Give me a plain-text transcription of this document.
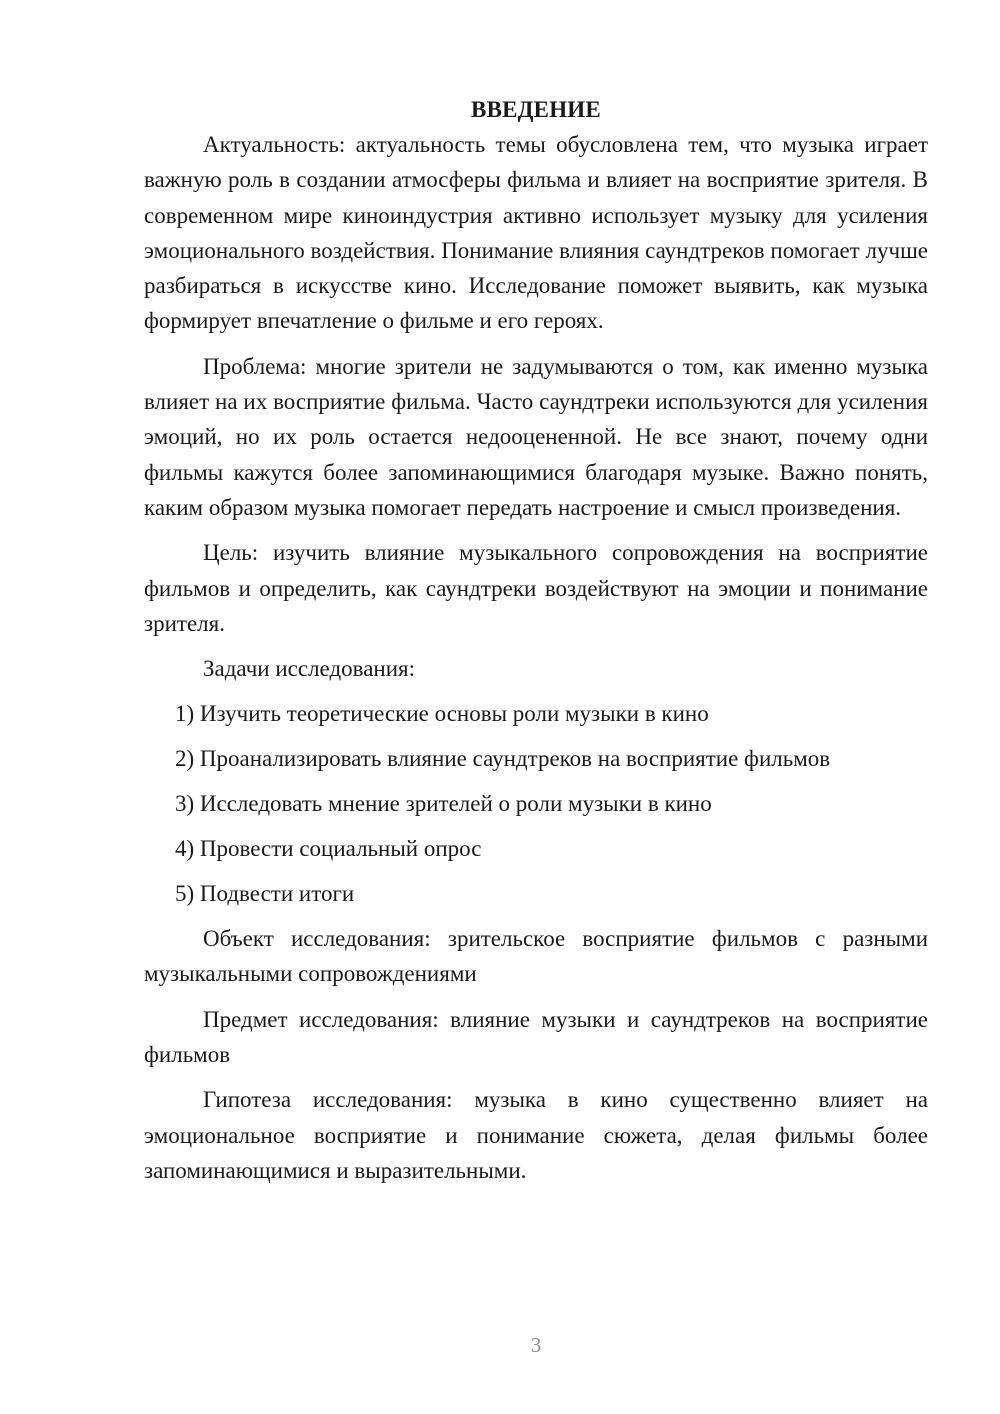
ВВЕДЕНИЕ

Актуальность: актуальность темы обусловлена тем, что музыка играет важную роль в создании атмосферы фильма и влияет на восприятие зрителя. В современном мире киноиндустрия активно использует музыку для усиления эмоционального воздействия. Понимание влияния саундтреков помогает лучше разбираться в искусстве кино. Исследование поможет выявить, как музыка формирует впечатление о фильме и его героях.

Проблема: многие зрители не задумываются о том, как именно музыка влияет на их восприятие фильма. Часто саундтреки используются для усиления эмоций, но их роль остается недооцененной. Не все знают, почему одни фильмы кажутся более запоминающимися благодаря музыке. Важно понять, каким образом музыка помогает передать настроение и смысл произведения.

Цель: изучить влияние музыкального сопровождения на восприятие фильмов и определить, как саундтреки воздействуют на эмоции и понимание зрителя.

Задачи исследования:

1) Изучить теоретические основы роли музыки в кино

2) Проанализировать влияние саундтреков на восприятие фильмов

3) Исследовать мнение зрителей о роли музыки в кино

4) Провести социальный опрос

5) Подвести итоги

Объект исследования: зрительское восприятие фильмов с разными музыкальными сопровождениями

Предмет исследования: влияние музыки и саундтреков на восприятие фильмов

Гипотеза исследования: музыка в кино существенно влияет на эмоциональное восприятие и понимание сюжета, делая фильмы более запоминающимися и выразительными.

3
